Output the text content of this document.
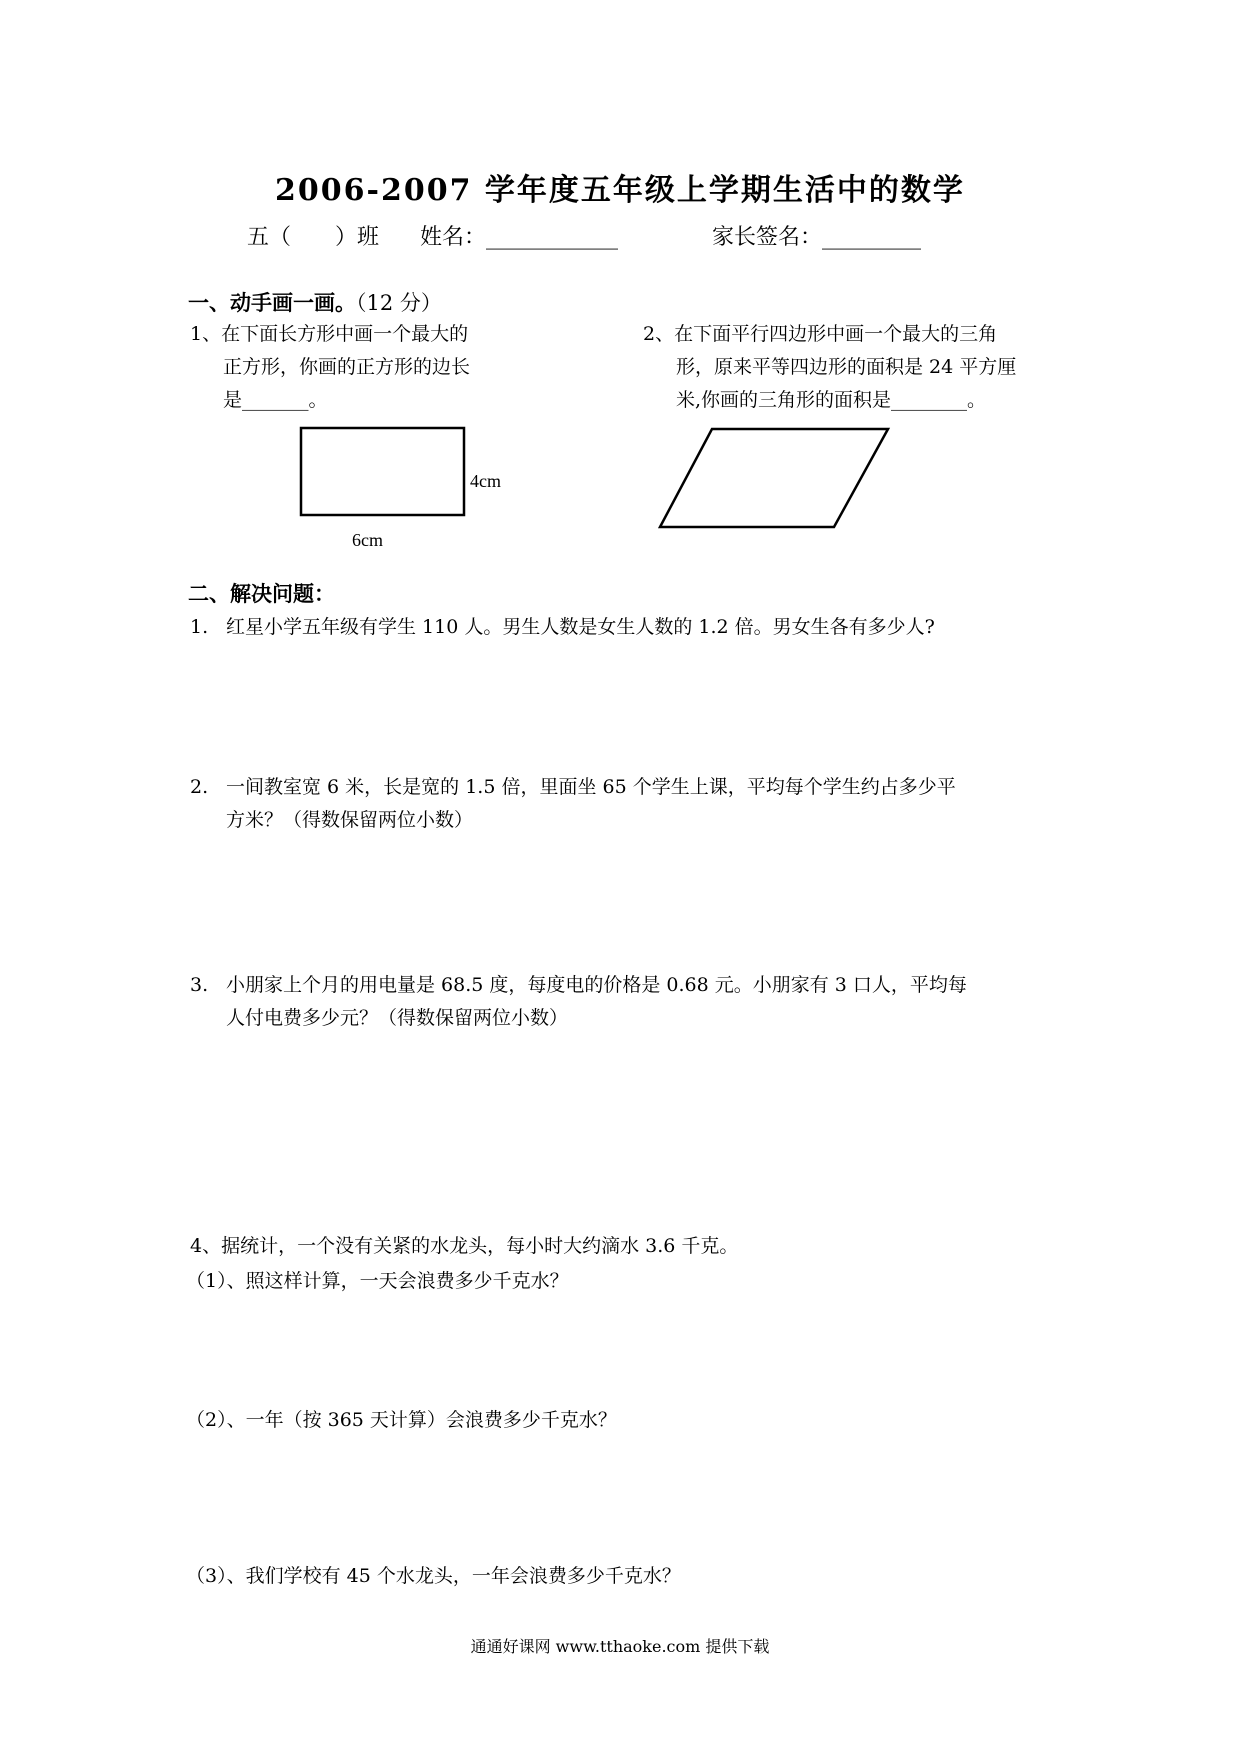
2006-2007 学年度五年级上学期生活中的数学
五（　　）班 姓名：____________	家长签名：_________
一、动手画一画。（12 分）
1、在下面长方形中画一个最大的
正方形，你画的正方形的边长
是_______。
4cm
6cm
2、在下面平行四边形中画一个最大的三角
形，原来平等四边形的面积是 24 平方厘
米,你画的三角形的面积是________。
二、解决问题：
1. 红星小学五年级有学生 110 人。男生人数是女生人数的 1.2 倍。男女生各有多少人?
2. 一间教室宽 6 米，长是宽的 1.5 倍，里面坐 65 个学生上课，平均每个学生约占多少平
方米？（得数保留两位小数）
3. 小朋家上个月的用电量是 68.5 度，每度电的价格是 0.68 元。小朋家有 3 口人，平均每
人付电费多少元？（得数保留两位小数）
4、据统计，一个没有关紧的水龙头，每小时大约滴水 3.6 千克。
（1）、照这样计算，一天会浪费多少千克水？
（2）、一年（按 365 天计算）会浪费多少千克水？
（3）、我们学校有 45 个水龙头，一年会浪费多少千克水？
通通好课网 www.tthaoke.com 提供下载
